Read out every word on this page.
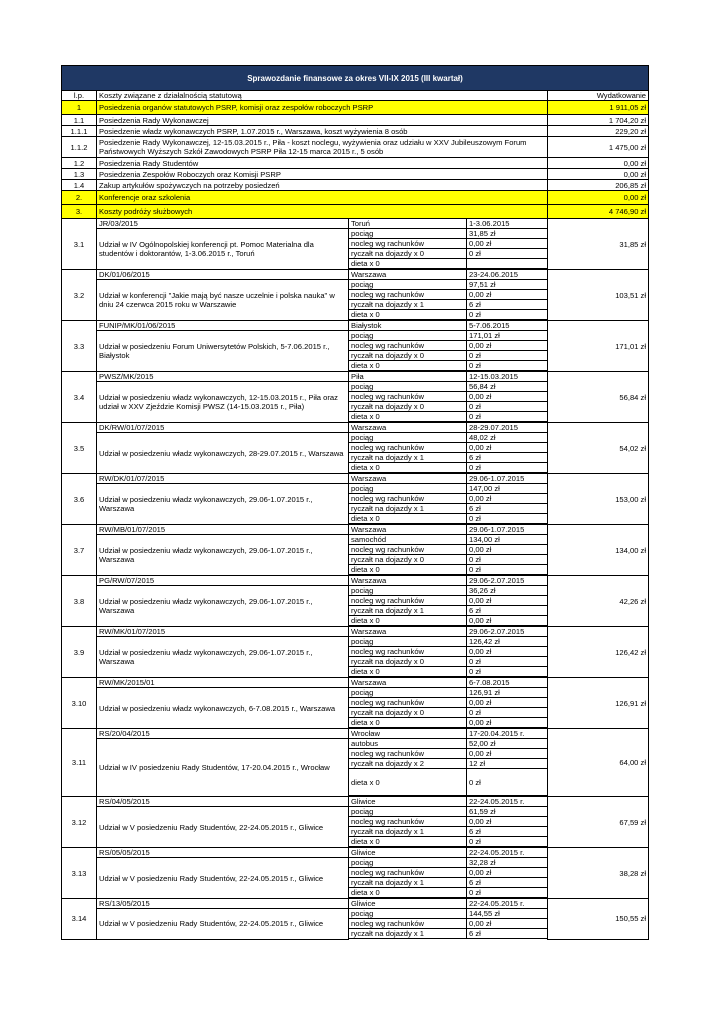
Sprawozdanie finansowe za okres VII-IX 2015 (III kwartał)				
l.p.	Koszty związane z działalnością statutową			Wydatkowanie
1	Posiedzenia organów statutowych PSRP, komisji oraz zespołów roboczych PSRP			1 911,05 zł
1.1	Posiedzenia Rady Wykonawczej			1 704,20 zł
1.1.1	Posiedzenie władz wykonawczych PSRP, 1.07.2015 r., Warszawa, koszt wyżywienia 8 osób			229,20 zł
1.1.2	Posiedzenie Rady Wykonawczej, 12-15.03.2015 r., Piła - koszt noclegu, wyżywienia oraz udziału w XXV Jubileuszowym Forum Państwowych Wyższych Szkół Zawodowych PSRP Piła 12-15 marca 2015 r., 5 osób			1 475,00 zł
1.2	Posiedzenia Rady Studentów			0,00 zł
1.3	Posiedzenia Zespołów Roboczych oraz Komisji PSRP			0,00 zł
1.4	Zakup artykułów spożywczych na potrzeby posiedzeń			206,85 zł
2.	Konferencje oraz szkolenia			0,00 zł
3.	Koszty podróży służbowych			4 746,90 zł
3.1	JR/03/2015	Toruń	1-3.06.2015	31,85 zł
	Udział w IV Ogólnopolskiej konferencji pt. Pomoc Materialna dla studentów i doktorantów, 1-3.06.2015 r., Toruń	pociąg	31,85 zł	
		nocleg wg rachunków	0,00 zł	
		ryczałt na dojazdy x 0	0 zł	
		dieta x 0		

3.2	DK/01/06/2015	Warszawa	23-24.06.2015	103,51 zł
	Udział w konferencji "Jakie mają być nasze uczelnie i polska nauka" w dniu 24 czerwca 2015 roku w Warszawie	pociąg	97,51 zł	
		nocleg wg rachunków	0,00 zł	
		ryczałt na dojazdy x 1	6 zł	
		dieta x 0	0 zł	

3.3	FUNIP/MK/01/06/2015	Białystok	5-7.06.2015	171,01 zł
	Udział w posiedzeniu Forum Uniwersytetów Polskich, 5-7.06.2015 r., Białystok	pociąg	171,01 zł	
		nocleg wg rachunków	0,00 zł	
		ryczałt na dojazdy x 0	0 zł	
		dieta x 0	0 zł	

3.4	PWSZ/MK/2015	Piła	12-15.03.2015	56,84 zł
	Udział w posiedzeniu władz wykonawczych, 12-15.03.2015 r., Piła oraz udział w XXV Zjeździe Komisji PWSZ (14-15.03.2015 r., Piła)	pociąg	56,84 zł	
		nocleg wg rachunków	0,00 zł	
		ryczałt na dojazdy x 0	0 zł	
		dieta x 0	0 zł	

3.5	DK/RW/01/07/2015	Warszawa	28-29.07.2015	54,02 zł
	Udział w posiedzeniu władz wykonawczych, 28-29.07.2015 r., Warszawa	pociąg	48,02 zł	
		nocleg wg rachunków	0,00 zł	
		ryczałt na dojazdy x 1	6 zł	
		dieta x 0	0 zł	

3.6	RW/DK/01/07/2015	Warszawa	29.06-1.07.2015	153,00 zł
	Udział w posiedzeniu władz wykonawczych, 29.06-1.07.2015 r., Warszawa	pociąg	147,00 zł	
		nocleg wg rachunków	0,00 zł	
		ryczałt na dojazdy x 1	6 zł	
		dieta x 0	0 zł	

3.7	RW/MB/01/07/2015	Warszawa	29.06-1.07.2015	134,00 zł
	Udział w posiedzeniu władz wykonawczych, 29.06-1.07.2015 r., Warszawa	samochód	134,00 zł	
		nocleg wg rachunków	0,00 zł	
		ryczałt na dojazdy x 0	0 zł	
		dieta x 0	0 zł	

3.8	PG/RW/07/2015	Warszawa	29.06-2.07.2015	42,26 zł
	Udział w posiedzeniu władz wykonawczych, 29.06-1.07.2015 r., Warszawa	pociąg	36,26 zł	
		nocleg wg rachunków	0,00 zł	
		ryczałt na dojazdy x 1	6 zł	
		dieta x 0	0,00 zł	

3.9	RW/MK/01/07/2015	Warszawa	29.06-2.07.2015	126,42 zł
	Udział w posiedzeniu władz wykonawczych, 29.06-1.07.2015 r., Warszawa	pociąg	126,42 zł	
		nocleg wg rachunków	0,00 zł	
		ryczałt na dojazdy x 0	0 zł	
		dieta x 0	0 zł	

3.10	RW/MK/2015/01	Warszawa	6-7.08.2015	126,91 zł
	Udział w posiedzeniu władz wykonawczych, 6-7.08.2015 r., Warszawa	pociąg	126,91 zł	
		nocleg wg rachunków	0,00 zł	
		ryczałt na dojazdy x 0	0 zł	
		dieta x 0	0,00 zł	

3.11	RS/20/04/2015	Wrocław	17-20.04.2015 r.	64,00 zł
	Udział w IV posiedzeniu Rady Studentów, 17-20.04.2015 r., Wrocław	autobus	52,00 zł	
		nocleg wg rachunków	0,00 zł	
		ryczałt na dojazdy x 2	12 zł	
		dieta x 0	0 zł	

3.12	RS/04/05/2015	Gliwice	22-24.05.2015 r.	67,59 zł
	Udział w V posiedzeniu Rady Studentów, 22-24.05.2015 r., Gliwice	pociąg	61,59 zł	
		nocleg wg rachunków	0,00 zł	
		ryczałt na dojazdy x 1	6 zł	
		dieta x 0	0 zł	

3.13	RS/05/05/2015	Gliwice	22-24.05.2015 r.	38,28 zł
	Udział w V posiedzeniu Rady Studentów, 22-24.05.2015 r., Gliwice	pociąg	32,28 zł	
		nocleg wg rachunków	0,00 zł	
		ryczałt na dojazdy x 1	6 zł	
		dieta x 0	0 zł	

3.14	RS/13/05/2015	Gliwice	22-24.05.2015 r.	150,55 zł
	Udział w V posiedzeniu Rady Studentów, 22-24.05.2015 r., Gliwice	pociąg	144,55 zł	
		nocleg wg rachunków	0,00 zł	
		ryczałt na dojazdy x 1	6 zł	
